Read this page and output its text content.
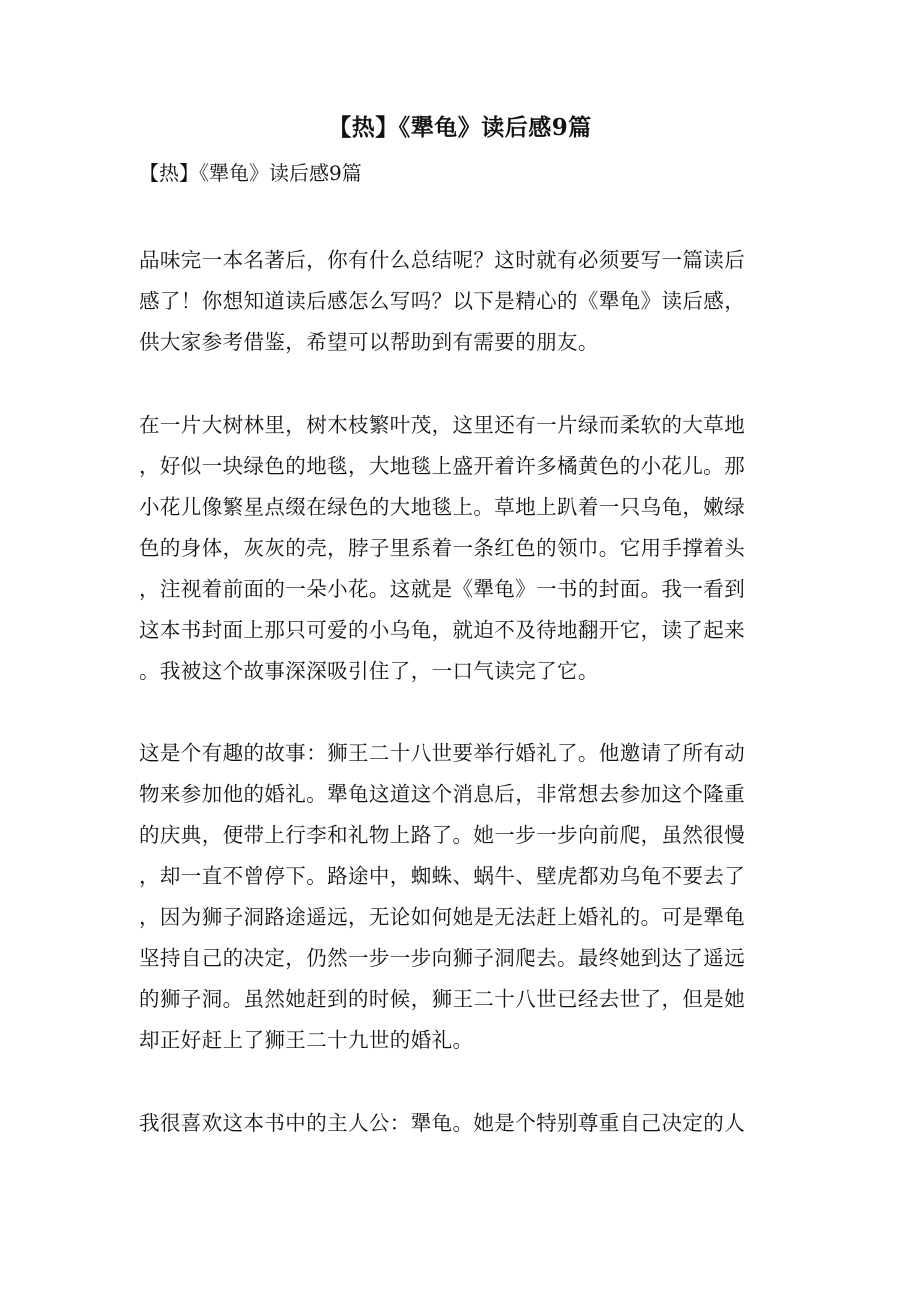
【热】《犟龟》读后感9篇
【热】《犟龟》读后感9篇
品味完一本名著后，你有什么总结呢？这时就有必须要写一篇读后
感了！你想知道读后感怎么写吗？以下是精心的《犟龟》读后感，
供大家参考借鉴，希望可以帮助到有需要的朋友。
在一片大树林里，树木枝繁叶茂，这里还有一片绿而柔软的大草地
，好似一块绿色的地毯，大地毯上盛开着许多橘黄色的小花儿。那
小花儿像繁星点缀在绿色的大地毯上。草地上趴着一只乌龟，嫩绿
色的身体，灰灰的壳，脖子里系着一条红色的领巾。它用手撑着头
，注视着前面的一朵小花。这就是《犟龟》一书的封面。我一看到
这本书封面上那只可爱的小乌龟，就迫不及待地翻开它，读了起来
。我被这个故事深深吸引住了，一口气读完了它。
这是个有趣的故事：狮王二十八世要举行婚礼了。他邀请了所有动
物来参加他的婚礼。犟龟这道这个消息后，非常想去参加这个隆重
的庆典，便带上行李和礼物上路了。她一步一步向前爬，虽然很慢
，却一直不曾停下。路途中，蜘蛛、蜗牛、壁虎都劝乌龟不要去了
，因为狮子洞路途遥远，无论如何她是无法赶上婚礼的。可是犟龟
坚持自己的决定，仍然一步一步向狮子洞爬去。最终她到达了遥远
的狮子洞。虽然她赶到的时候，狮王二十八世已经去世了，但是她
却正好赶上了狮王二十九世的婚礼。
我很喜欢这本书中的主人公：犟龟。她是个特别尊重自己决定的人
